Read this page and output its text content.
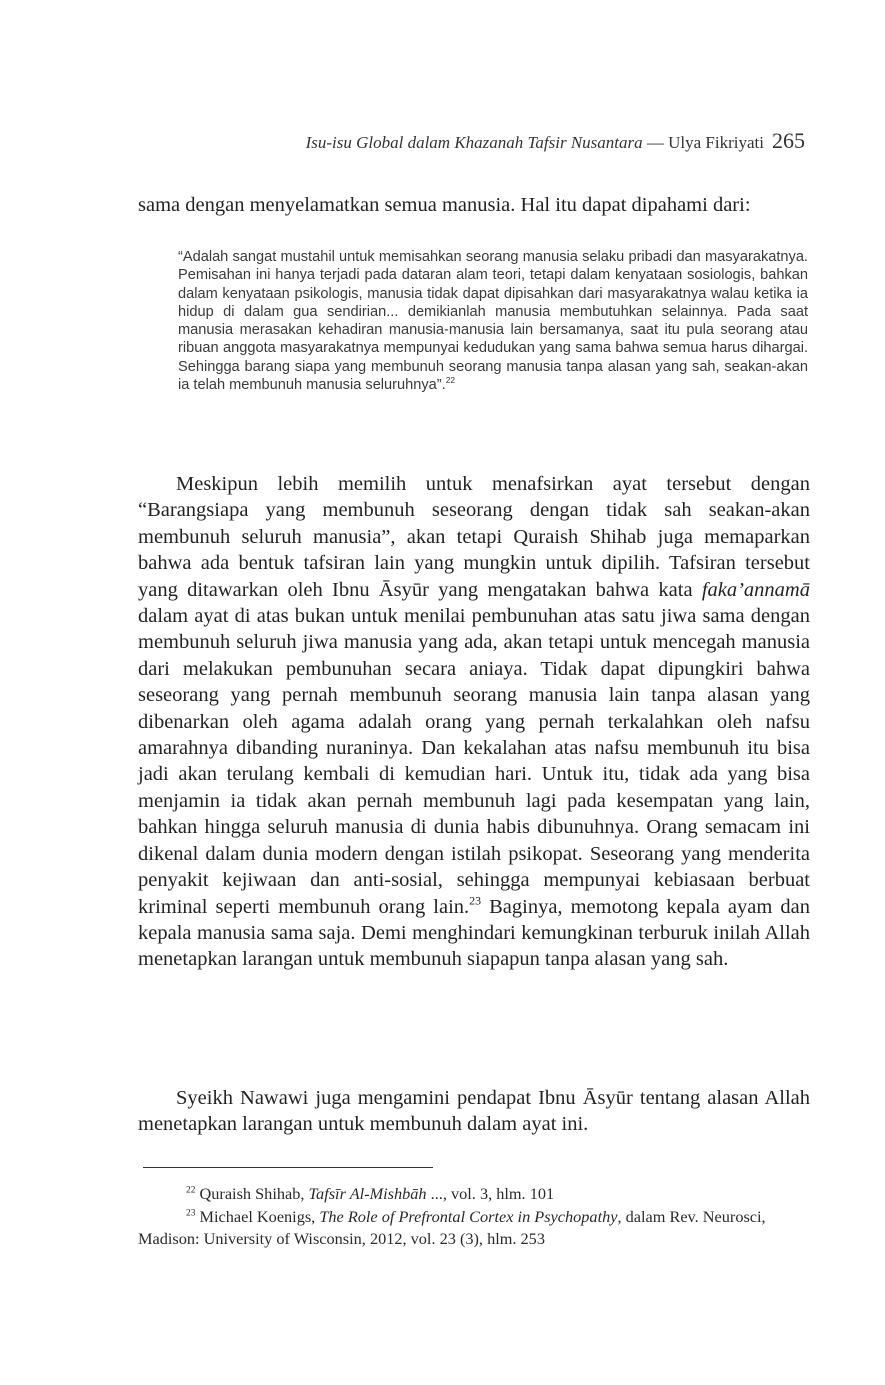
Isu-isu Global dalam Khazanah Tafsir Nusantara — Ulya Fikriyati 265
sama dengan menyelamatkan semua manusia. Hal itu dapat dipahami dari:
“Adalah sangat mustahil untuk memisahkan seorang manusia selaku pribadi dan masyarakatnya. Pemisahan ini hanya terjadi pada dataran alam teori, tetapi dalam kenyataan sosiologis, bahkan dalam kenyataan psikologis, manusia tidak dapat dipisahkan dari masyarakatnya walau ketika ia hidup di dalam gua sendirian... demikianlah manusia membutuhkan selainnya. Pada saat manusia merasakan kehadiran manusia-manusia lain bersamanya, saat itu pula seorang atau ribuan anggota masyarakatnya mempunyai kedudukan yang sama bahwa semua harus dihargai. Sehingga barang siapa yang membunuh seorang manusia tanpa alasan yang sah, seakan-akan ia telah membunuh manusia seluruhnya”.$^{22}$
Meskipun lebih memilih untuk menafsirkan ayat tersebut dengan “Barangsiapa yang membunuh seseorang dengan tidak sah seakan-akan membunuh seluruh manusia”, akan tetapi Quraish Shihab juga memaparkan bahwa ada bentuk tafsiran lain yang mungkin untuk dipilih. Tafsiran tersebut yang ditawarkan oleh Ibnu Āsyūr yang mengatakan bahwa kata faka’annamā dalam ayat di atas bukan untuk menilai pembunuhan atas satu jiwa sama dengan membunuh seluruh jiwa manusia yang ada, akan tetapi untuk mencegah manusia dari melakukan pembunuhan secara aniaya. Tidak dapat dipungkiri bahwa seseorang yang pernah membunuh seorang manusia lain tanpa alasan yang dibenarkan oleh agama adalah orang yang pernah terkalahkan oleh nafsu amarahnya dibanding nuraninya. Dan kekalahan atas nafsu membunuh itu bisa jadi akan terulang kembali di kemudian hari. Untuk itu, tidak ada yang bisa menjamin ia tidak akan pernah membunuh lagi pada kesempatan yang lain, bahkan hingga seluruh manusia di dunia habis dibunuhnya. Orang semacam ini dikenal dalam dunia modern dengan istilah psikopat. Seseorang yang menderita penyakit kejiwaan dan anti-sosial, sehingga mempunyai kebiasaan berbuat kriminal seperti membunuh orang lain.$^{23}$ Baginya, memotong kepala ayam dan kepala manusia sama saja. Demi menghindari kemungkinan terburuk inilah Allah menetapkan larangan untuk membunuh siapapun tanpa alasan yang sah.
Syeikh Nawawi juga mengamini pendapat Ibnu Āsyūr tentang alasan Allah menetapkan larangan untuk membunuh dalam ayat ini.

$^{22}$ Quraish Shihab, Tafsīr Al-Mishbāh ..., vol. 3, hlm. 101

$^{23}$ Michael Koenigs, The Role of Prefrontal Cortex in Psychopathy, dalam Rev. Neurosci, Madison: University of Wisconsin, 2012, vol. 23 (3), hlm. 253
